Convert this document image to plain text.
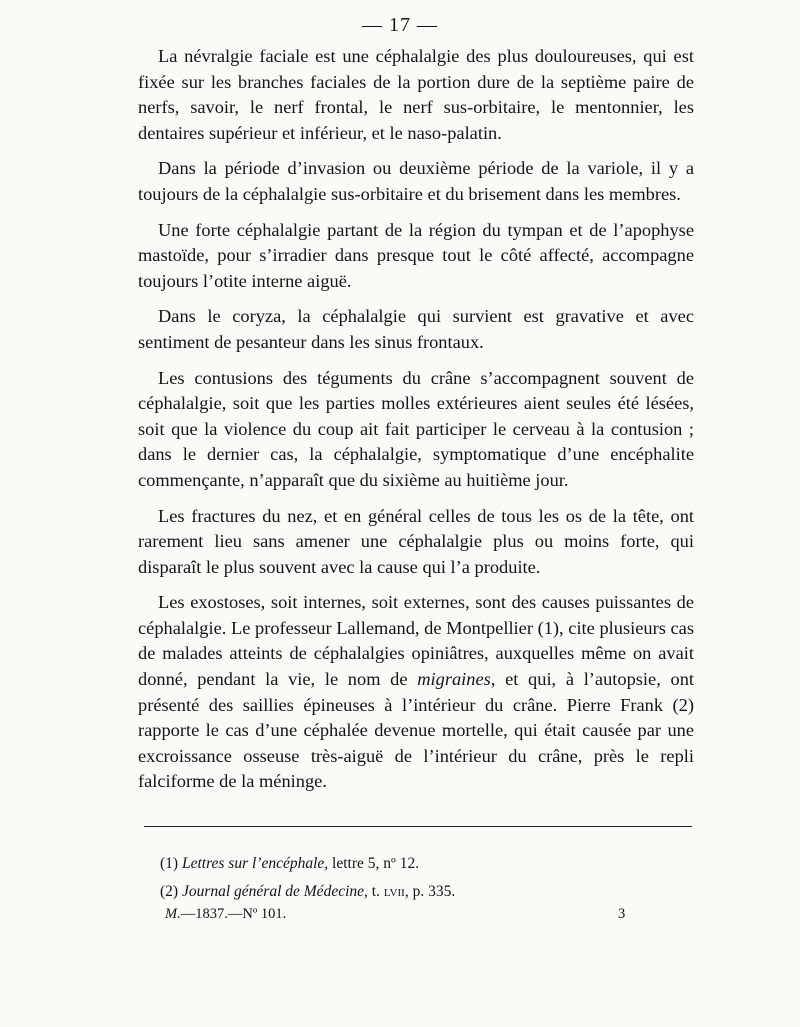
— 17 —

La névralgie faciale est une céphalalgie des plus douloureuses, qui est fixée sur les branches faciales de la portion dure de la septième paire de nerfs, savoir, le nerf frontal, le nerf sus-orbitaire, le mentonnier, les dentaires supérieur et inférieur, et le naso-palatin.

Dans la période d’invasion ou deuxième période de la variole, il y a toujours de la céphalalgie sus-orbitaire et du brisement dans les membres.

Une forte céphalalgie partant de la région du tympan et de l’apophyse mastoïde, pour s’irradier dans presque tout le côté affecté, accompagne toujours l’otite interne aiguë.

Dans le coryza, la céphalalgie qui survient est gravative et avec sentiment de pesanteur dans les sinus frontaux.

Les contusions des téguments du crâne s’accompagnent souvent de céphalalgie, soit que les parties molles extérieures aient seules été lésées, soit que la violence du coup ait fait participer le cerveau à la contusion ; dans le dernier cas, la céphalalgie, symptomatique d’une encéphalite commençante, n’apparaît que du sixième au huitième jour.

Les fractures du nez, et en général celles de tous les os de la tête, ont rarement lieu sans amener une céphalalgie plus ou moins forte, qui disparaît le plus souvent avec la cause qui l’a produite.

Les exostoses, soit internes, soit externes, sont des causes puissantes de céphalalgie. Le professeur Lallemand, de Montpellier (1), cite plusieurs cas de malades atteints de céphalalgies opiniâtres, auxquelles même on avait donné, pendant la vie, le nom de migraines, et qui, à l’autopsie, ont présenté des saillies épineuses à l’intérieur du crâne. Pierre Frank (2) rapporte le cas d’une céphalée devenue mortelle, qui était causée par une excroissance osseuse très-aiguë de l’intérieur du crâne, près le repli falciforme de la méninge.

(1) Lettres sur l’encéphale, lettre 5, nº 12.
(2) Journal général de Médecine, t. lvii, p. 335.
M.—1837.—Nº 101.	3
